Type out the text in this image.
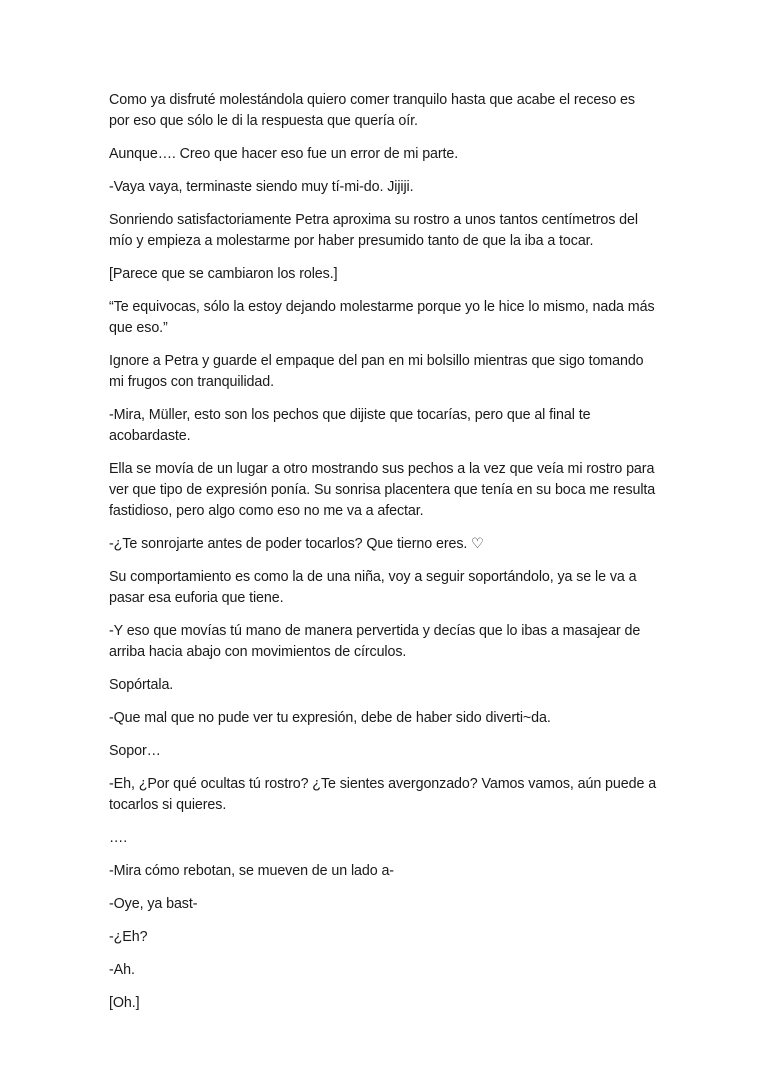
Como ya disfruté molestándola quiero comer tranquilo hasta que acabe el receso es por eso que sólo le di la respuesta que quería oír.

Aunque…. Creo que hacer eso fue un error de mi parte.

-Vaya vaya, terminaste siendo muy tí-mi-do. Jijiji.

Sonriendo satisfactoriamente Petra aproxima su rostro a unos tantos centímetros del mío y empieza a molestarme por haber presumido tanto de que la iba a tocar.

[Parece que se cambiaron los roles.]

“Te equivocas, sólo la estoy dejando molestarme porque yo le hice lo mismo, nada más que eso.”

Ignore a Petra y guarde el empaque del pan en mi bolsillo mientras que sigo tomando mi frugos con tranquilidad.

-Mira, Müller, esto son los pechos que dijiste que tocarías, pero que al final te acobardaste.

Ella se movía de un lugar a otro mostrando sus pechos a la vez que veía mi rostro para ver que tipo de expresión ponía. Su sonrisa placentera que tenía en su boca me resulta fastidioso, pero algo como eso no me va a afectar.

-¿Te sonrojarte antes de poder tocarlos? Que tierno eres. ♡

Su comportamiento es como la de una niña, voy a seguir soportándolo, ya se le va a pasar esa euforia que tiene.

-Y eso que movías tú mano de manera pervertida y decías que lo ibas a masajear de arriba hacia abajo con movimientos de círculos.

Sopórtala.

-Que mal que no pude ver tu expresión, debe de haber sido diverti~da.

Sopor…

-Eh, ¿Por qué ocultas tú rostro? ¿Te sientes avergonzado? Vamos vamos, aún puede a tocarlos si quieres.

….

-Mira cómo rebotan, se mueven de un lado a-

-Oye, ya bast-

-¿Eh?

-Ah.

[Oh.]
